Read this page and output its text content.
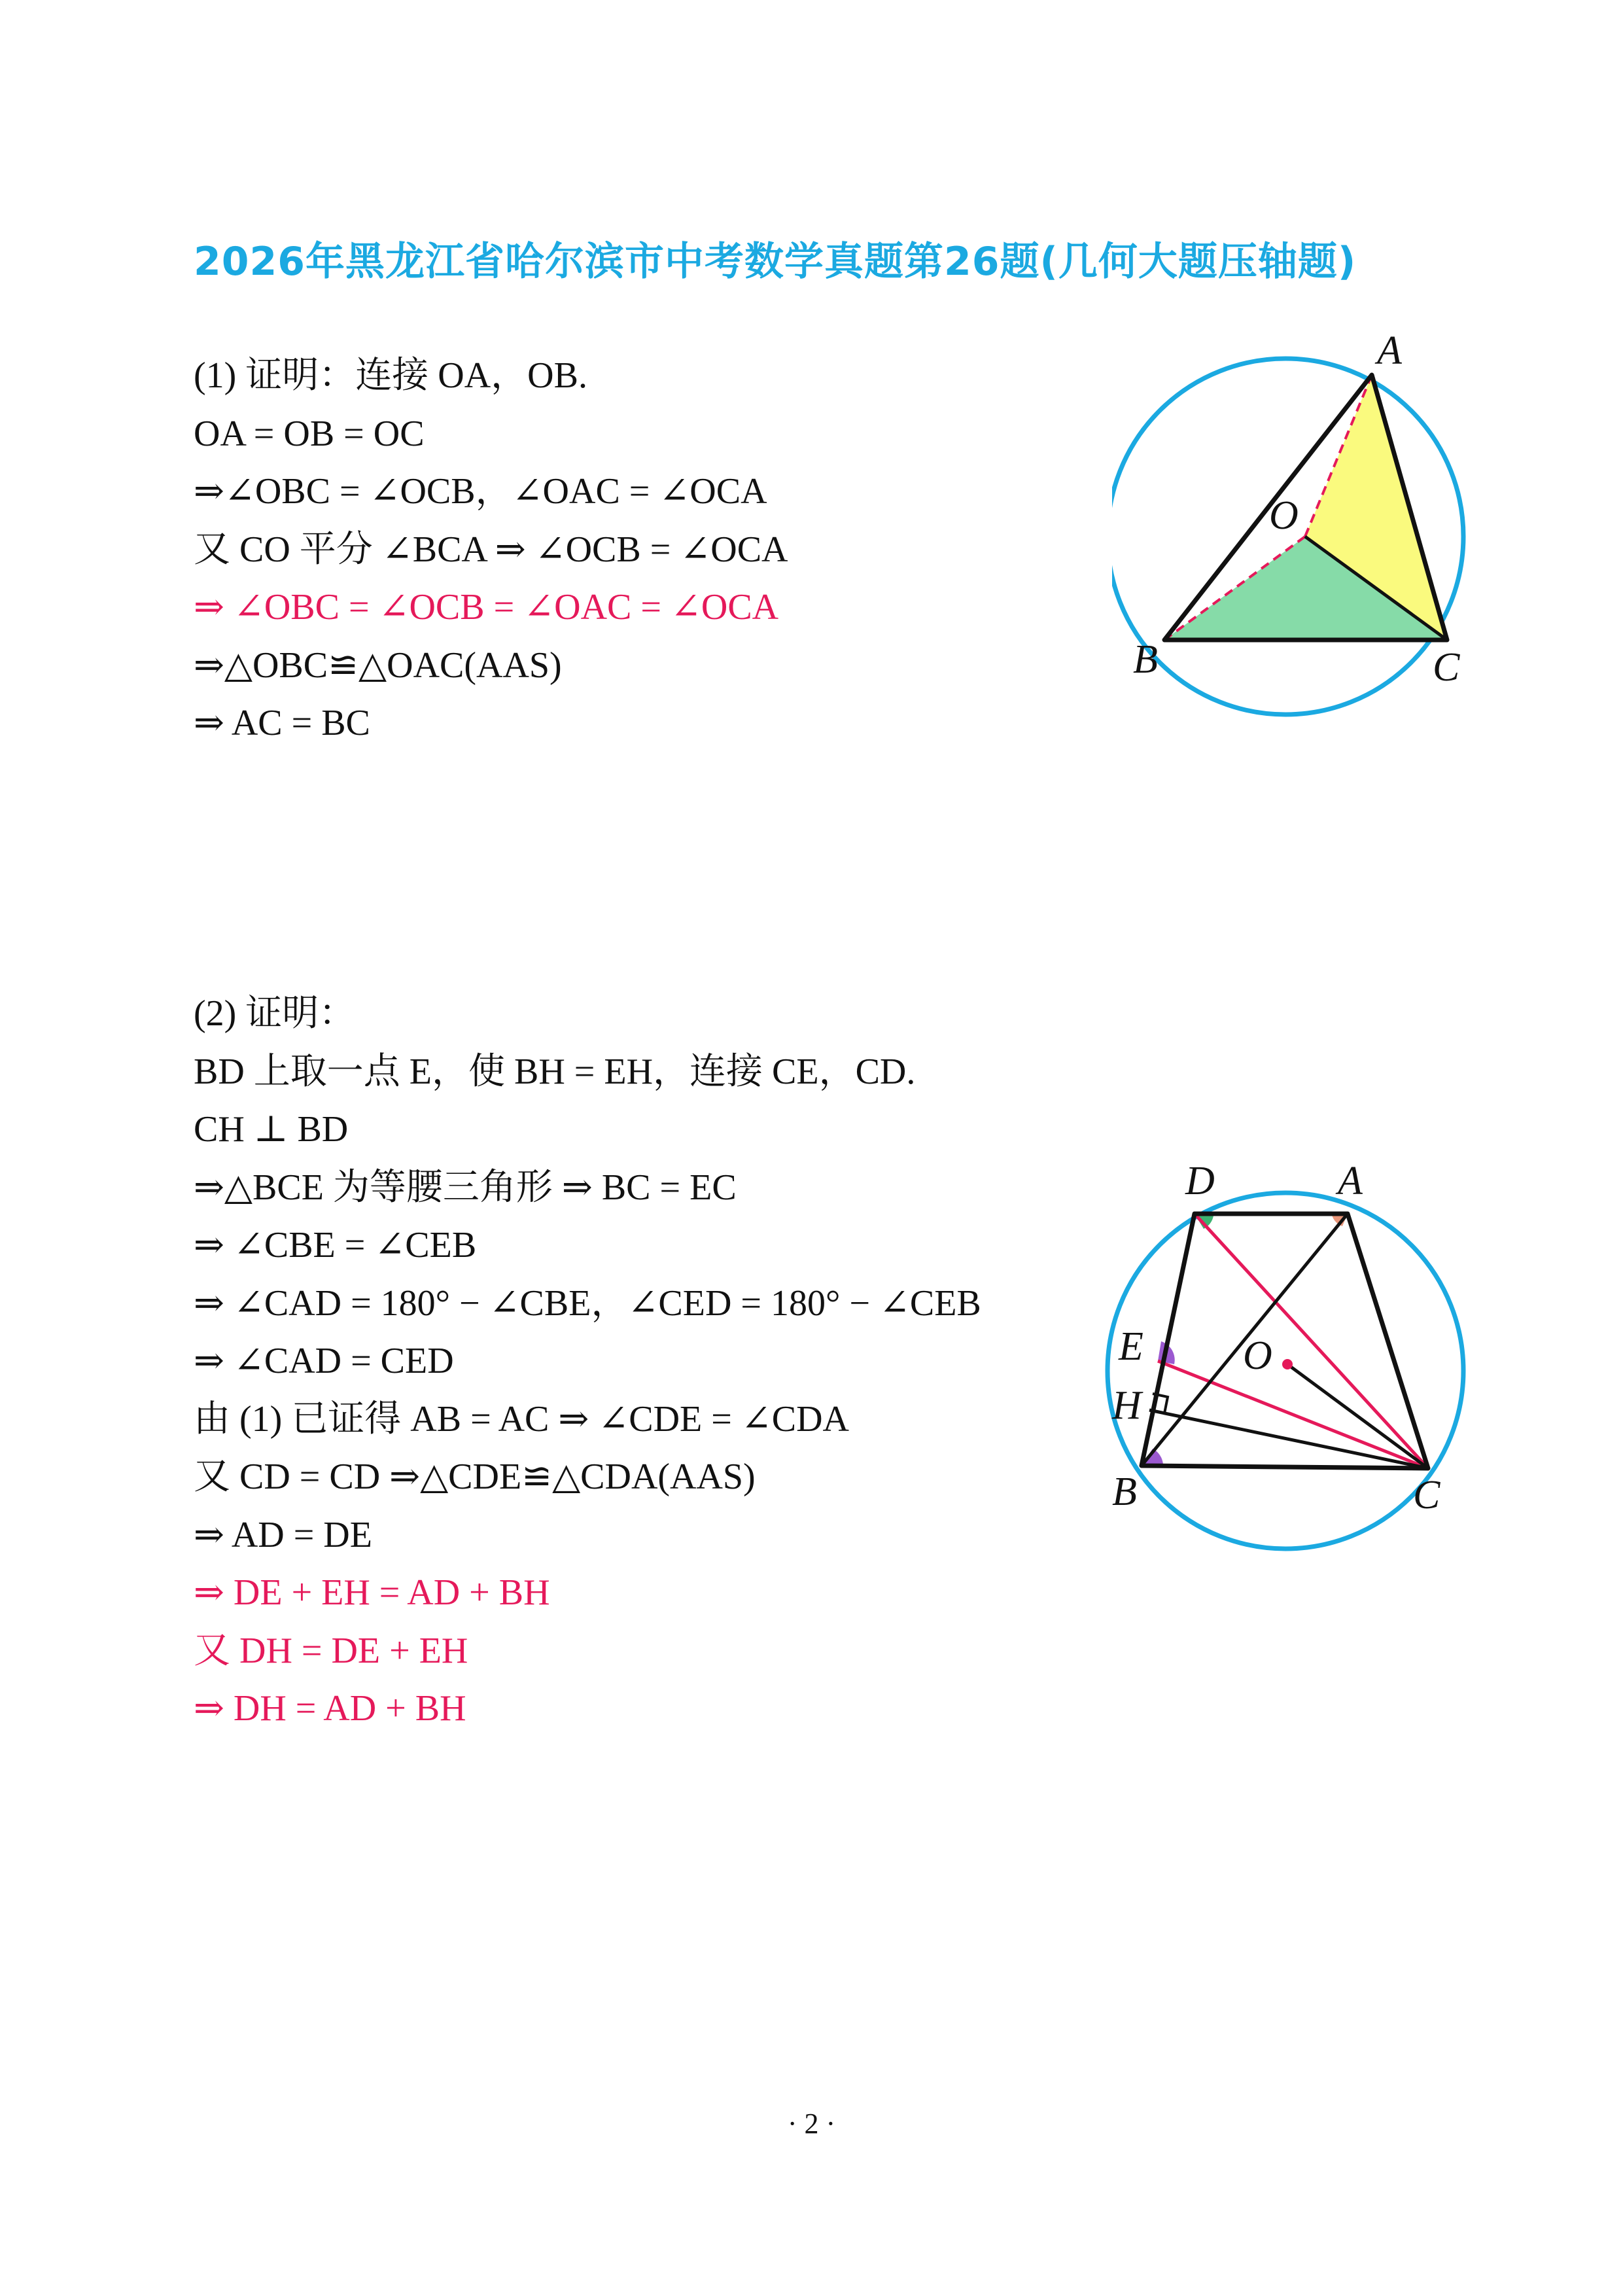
2026年黑龙江省哈尔滨市中考数学真题第26题(几何大题压轴题)
(1) 证明：连接 OA，OB.
OA = OB = OC
⇒∠OBC = ∠OCB，∠OAC = ∠OCA
又 CO 平分 ∠BCA ⇒ ∠OCB = ∠OCA
⇒ ∠OBC = ∠OCB = ∠OAC = ∠OCA
⇒△OBC≌△OAC(AAS)
⇒ AC = BC
(2) 证明：
BD 上取一点 E，使 BH = EH，连接 CE，CD.
CH ⊥ BD
⇒△BCE 为等腰三角形 ⇒ BC = EC
⇒ ∠CBE = ∠CEB
⇒ ∠CAD = 180° − ∠CBE，∠CED = 180° − ∠CEB
⇒ ∠CAD = CED
由 (1) 已证得 AB = AC ⇒ ∠CDE = ∠CDA
又 CD = CD ⇒△CDE≌△CDA(AAS)
⇒ AD = DE
⇒ DE + EH = AD + BH
又 DH = DE + EH
⇒ DH = AD + BH
A
B	C
O
D	A
E
H
O
B	C
· 2 ·
